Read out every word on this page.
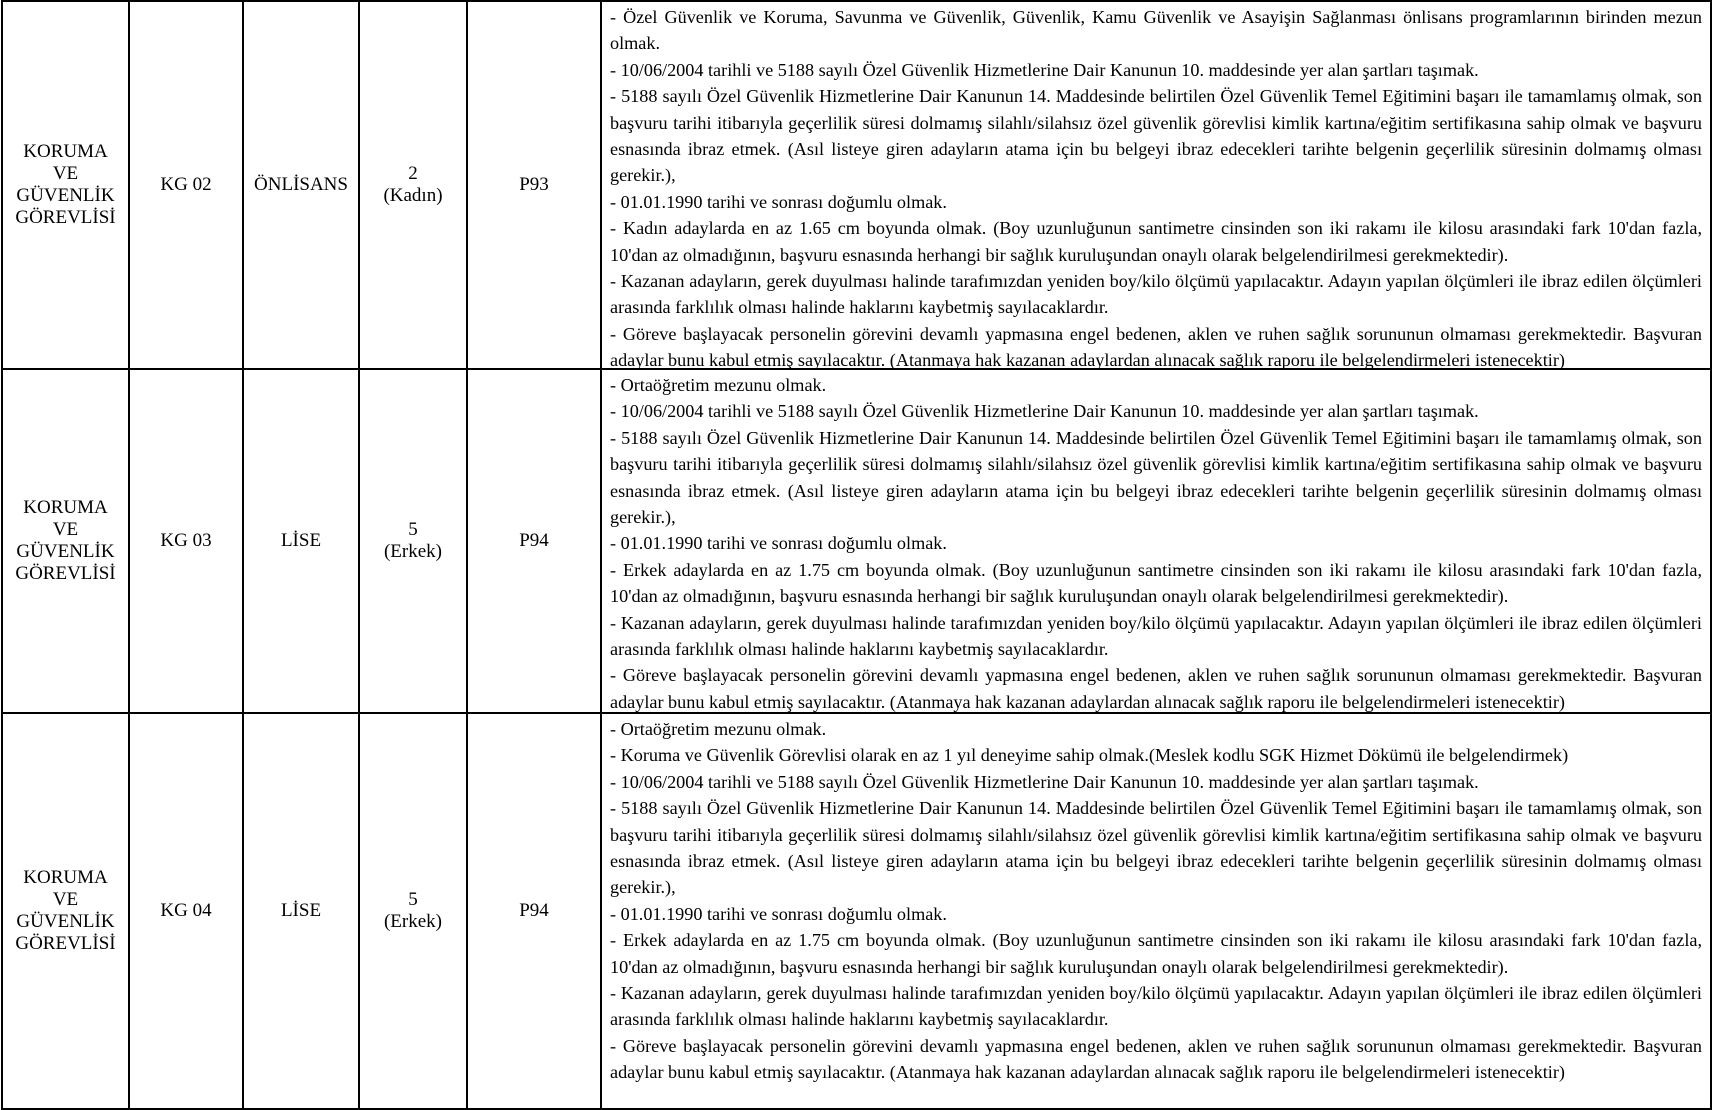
KORUMA
VE
GÜVENLİK
GÖREVLİSİ
KG 02 ÖNLİSANS
2
(Kadın)
P93
- Özel Güvenlik ve Koruma, Savunma ve Güvenlik, Güvenlik, Kamu Güvenlik ve Asayişin Sağlanması önlisans programlarının birinden mezun olmak.
- 10/06/2004 tarihli ve 5188 sayılı Özel Güvenlik Hizmetlerine Dair Kanunun 10. maddesinde yer alan şartları taşımak.
- 5188 sayılı Özel Güvenlik Hizmetlerine Dair Kanunun 14. Maddesinde belirtilen Özel Güvenlik Temel Eğitimini başarı ile tamamlamış olmak, son başvuru tarihi itibarıyla geçerlilik süresi dolmamış silahlı/silahsız özel güvenlik görevlisi kimlik kartına/eğitim sertifikasına sahip olmak ve başvuru esnasında ibraz etmek. (Asıl listeye giren adayların atama için bu belgeyi ibraz edecekleri tarihte belgenin geçerlilik süresinin dolmamış olması gerekir.),
- 01.01.1990 tarihi ve sonrası doğumlu olmak.
- Kadın adaylarda en az 1.65 cm boyunda olmak. (Boy uzunluğunun santimetre cinsinden son iki rakamı ile kilosu arasındaki fark 10'dan fazla, 10'dan az olmadığının, başvuru esnasında herhangi bir sağlık kuruluşundan onaylı olarak belgelendirilmesi gerekmektedir).
- Kazanan adayların, gerek duyulması halinde tarafımızdan yeniden boy/kilo ölçümü yapılacaktır. Adayın yapılan ölçümleri ile ibraz edilen ölçümleri arasında farklılık olması halinde haklarını kaybetmiş sayılacaklardır.
- Göreve başlayacak personelin görevini devamlı yapmasına engel bedenen, aklen ve ruhen sağlık sorununun olmaması gerekmektedir. Başvuran adaylar bunu kabul etmiş sayılacaktır. (Atanmaya hak kazanan adaylardan alınacak sağlık raporu ile belgelendirmeleri istenecektir)
KORUMA
VE
GÜVENLİK
GÖREVLİSİ
KG 03	LİSE
5
(Erkek)
P94
- Ortaöğretim mezunu olmak.
- 10/06/2004 tarihli ve 5188 sayılı Özel Güvenlik Hizmetlerine Dair Kanunun 10. maddesinde yer alan şartları taşımak.
- 5188 sayılı Özel Güvenlik Hizmetlerine Dair Kanunun 14. Maddesinde belirtilen Özel Güvenlik Temel Eğitimini başarı ile tamamlamış olmak, son başvuru tarihi itibarıyla geçerlilik süresi dolmamış silahlı/silahsız özel güvenlik görevlisi kimlik kartına/eğitim sertifikasına sahip olmak ve başvuru esnasında ibraz etmek. (Asıl listeye giren adayların atama için bu belgeyi ibraz edecekleri tarihte belgenin geçerlilik süresinin dolmamış olması gerekir.),
- 01.01.1990 tarihi ve sonrası doğumlu olmak.
- Erkek adaylarda en az 1.75 cm boyunda olmak. (Boy uzunluğunun santimetre cinsinden son iki rakamı ile kilosu arasındaki fark 10'dan fazla, 10'dan az olmadığının, başvuru esnasında herhangi bir sağlık kuruluşundan onaylı olarak belgelendirilmesi gerekmektedir).
- Kazanan adayların, gerek duyulması halinde tarafımızdan yeniden boy/kilo ölçümü yapılacaktır. Adayın yapılan ölçümleri ile ibraz edilen ölçümleri arasında farklılık olması halinde haklarını kaybetmiş sayılacaklardır.
- Göreve başlayacak personelin görevini devamlı yapmasına engel bedenen, aklen ve ruhen sağlık sorununun olmaması gerekmektedir. Başvuran adaylar bunu kabul etmiş sayılacaktır. (Atanmaya hak kazanan adaylardan alınacak sağlık raporu ile belgelendirmeleri istenecektir)
KORUMA
VE
GÜVENLİK
GÖREVLİSİ
KG 04	LİSE
5
(Erkek)
P94
- Ortaöğretim mezunu olmak.
- Koruma ve Güvenlik Görevlisi olarak en az 1 yıl deneyime sahip olmak.(Meslek kodlu SGK Hizmet Dökümü ile belgelendirmek)
- 10/06/2004 tarihli ve 5188 sayılı Özel Güvenlik Hizmetlerine Dair Kanunun 10. maddesinde yer alan şartları taşımak.
- 5188 sayılı Özel Güvenlik Hizmetlerine Dair Kanunun 14. Maddesinde belirtilen Özel Güvenlik Temel Eğitimini başarı ile tamamlamış olmak, son başvuru tarihi itibarıyla geçerlilik süresi dolmamış silahlı/silahsız özel güvenlik görevlisi kimlik kartına/eğitim sertifikasına sahip olmak ve başvuru esnasında ibraz etmek. (Asıl listeye giren adayların atama için bu belgeyi ibraz edecekleri tarihte belgenin geçerlilik süresinin dolmamış olması gerekir.),
- 01.01.1990 tarihi ve sonrası doğumlu olmak.
- Erkek adaylarda en az 1.75 cm boyunda olmak. (Boy uzunluğunun santimetre cinsinden son iki rakamı ile kilosu arasındaki fark 10'dan fazla, 10'dan az olmadığının, başvuru esnasında herhangi bir sağlık kuruluşundan onaylı olarak belgelendirilmesi gerekmektedir).
- Kazanan adayların, gerek duyulması halinde tarafımızdan yeniden boy/kilo ölçümü yapılacaktır. Adayın yapılan ölçümleri ile ibraz edilen ölçümleri arasında farklılık olması halinde haklarını kaybetmiş sayılacaklardır.
- Göreve başlayacak personelin görevini devamlı yapmasına engel bedenen, aklen ve ruhen sağlık sorununun olmaması gerekmektedir. Başvuran adaylar bunu kabul etmiş sayılacaktır. (Atanmaya hak kazanan adaylardan alınacak sağlık raporu ile belgelendirmeleri istenecektir)
